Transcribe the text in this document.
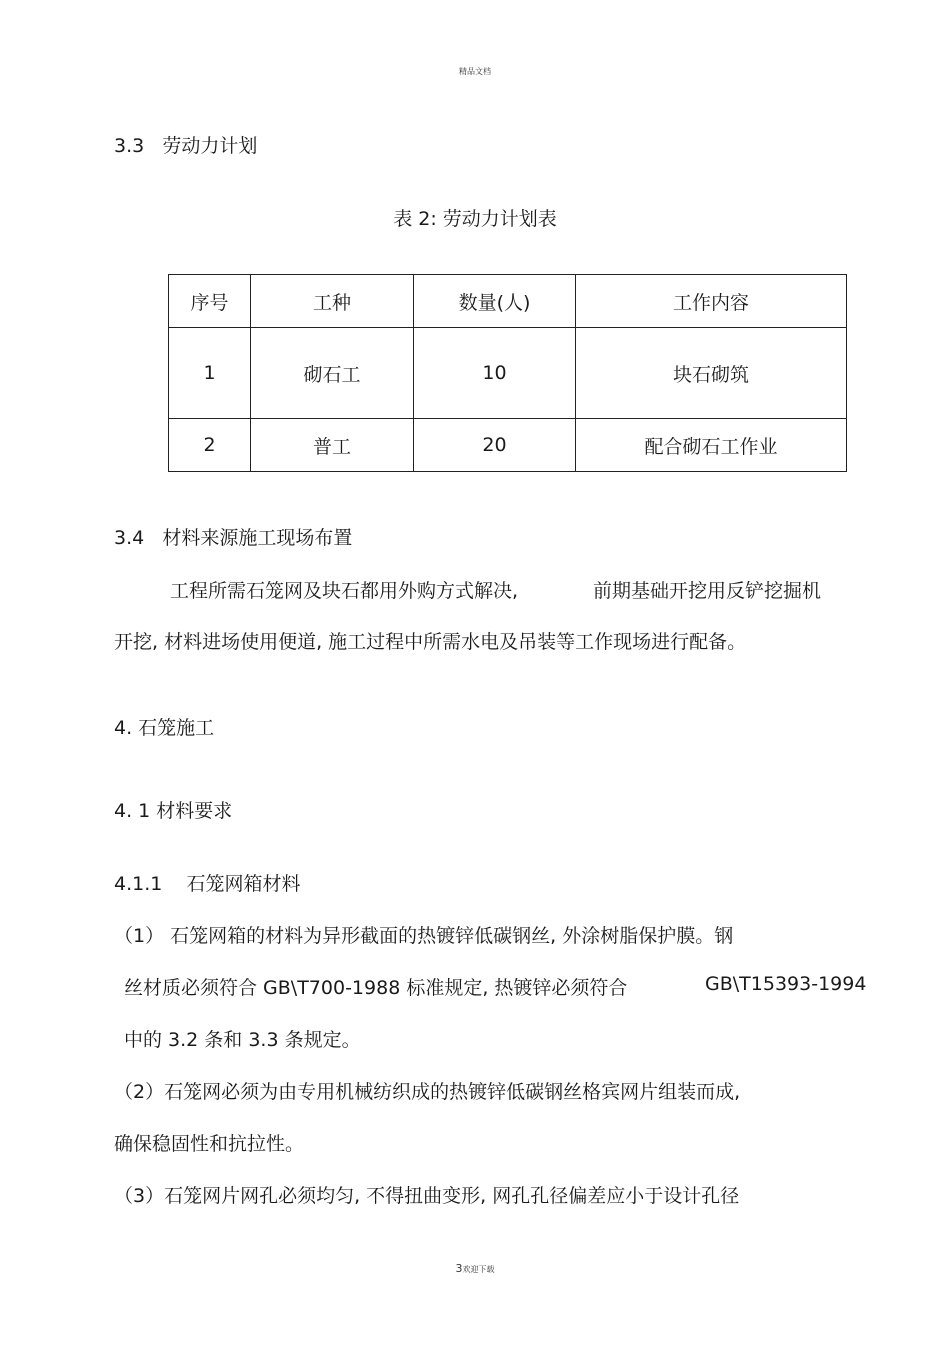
精品文档
3.3 劳动力计划
表 2: 劳动力计划表
序号	工种	数量(人)	工作内容
1	砌石工	10	块石砌筑
2	普工	20	配合砌石工作业
3.4 材料来源施工现场布置
工程所需石笼网及块石都用外购方式解决,	前期基础开挖用反铲挖掘机
开挖, 材料进场使用便道, 施工过程中所需水电及吊装等工作现场进行配备。
4. 石笼施工
4. 1 材料要求
4.1.1 石笼网箱材料
（1） 石笼网箱的材料为异形截面的热镀锌低碳钢丝, 外涂树脂保护膜。钢
丝材质必须符合 GB\T700-1988 标准规定, 热镀锌必须符合	GB\T15393-1994
中的 3.2 条和 3.3 条规定。
（2）石笼网必须为由专用机械纺织成的热镀锌低碳钢丝格宾网片组装而成,
确保稳固性和抗拉性。
（3）石笼网片网孔必须均匀, 不得扭曲变形, 网孔孔径偏差应小于设计孔径
3欢迎下载
